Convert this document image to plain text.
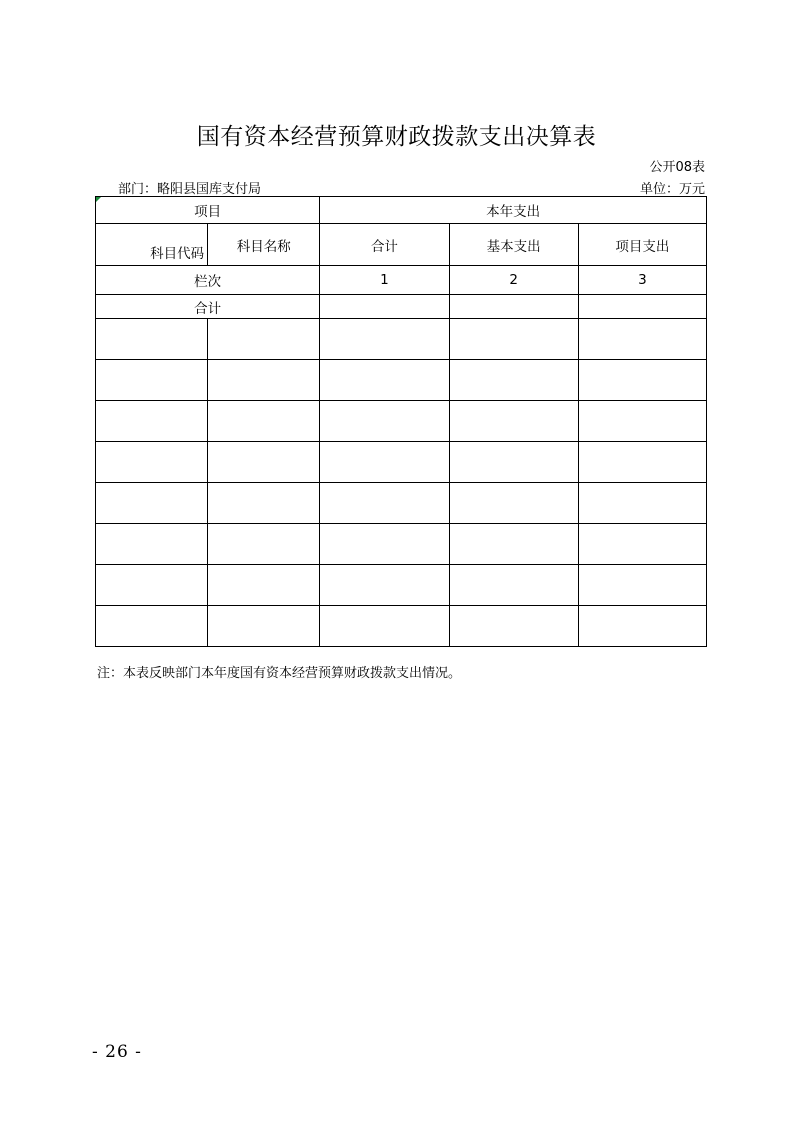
国有资本经营预算财政拨款支出决算表
公开08表
部门：略阳县国库支付局	单位：万元
项目		本年支出		

科目代码	科目名称	合计	基本支出	项目支出
栏次		1	2	3
合计				

注：本表反映部门本年度国有资本经营预算财政拨款支出情况。
- 26 -
